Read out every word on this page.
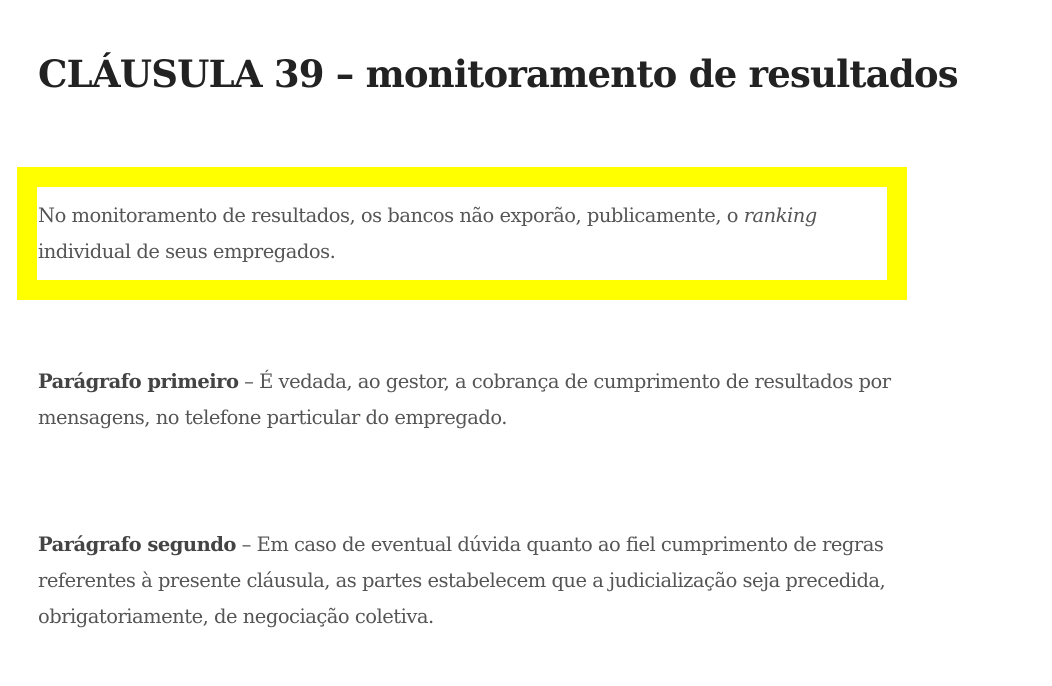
CLÁUSULA 39 – monitoramento de resultados

No monitoramento de resultados, os bancos não exporão, publicamente, o ranking individual de seus empregados.

Parágrafo primeiro – É vedada, ao gestor, a cobrança de cumprimento de resultados por mensagens, no telefone particular do empregado.

Parágrafo segundo – Em caso de eventual dúvida quanto ao fiel cumprimento de regras referentes à presente cláusula, as partes estabelecem que a judicialização seja precedida, obrigatoriamente, de negociação coletiva.
